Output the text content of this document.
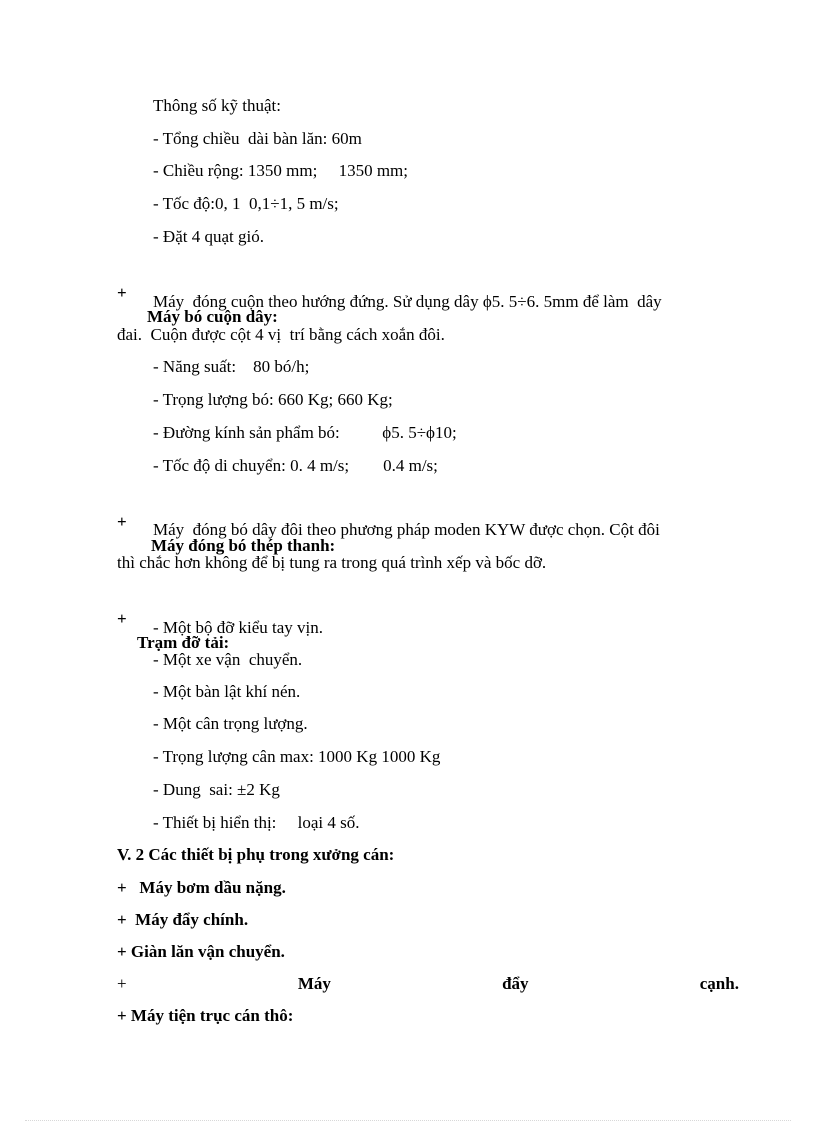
Thông số kỹ thuật:
- Tổng chiều  dài bàn lăn: 60m
- Chiều rộng: 1350 mm;     1350 mm;
- Tốc độ:0, 1  0,1÷1, 5 m/s;
- Đặt 4 quạt gió.

+

Máy bó cuộn dây:

Máy  đóng cuộn theo hướng đứng. Sử dụng dây ϕ5. 5÷6. 5mm để làm  dây
đai.  Cuộn được cột 4 vị  trí bằng cách xoắn đôi.
- Năng suất:    80 bó/h;
- Trọng lượng bó: 660 Kg; 660 Kg;
- Đường kính sản phẩm bó:          ϕ5. 5÷ϕ10;
- Tốc độ di chuyển: 0. 4 m/s;        0.4 m/s;

+

Máy đóng bó thép thanh:

Máy  đóng bó dây đôi theo phương pháp moden KYW được chọn. Cột đôi
thì chắc hơn không để bị tung ra trong quá trình xếp và bốc dỡ.

+

Trạm đỡ tải:

- Một bộ đỡ kiểu tay vịn.
- Một xe vận  chuyển.
- Một bàn lật khí nén.
- Một cân trọng lượng.
- Trọng lượng cân max: 1000 Kg 1000 Kg
- Dung  sai: ±2 Kg
- Thiết bị hiển thị:     loại 4 số.
V. 2 Các thiết bị phụ trong xưởng cán:
+   Máy bơm dầu nặng.
+  Máy đẩy chính.
+ Giàn lăn vận chuyển.
+	Máy	đẩy	cạnh.
+ Máy tiện trục cán thô:
